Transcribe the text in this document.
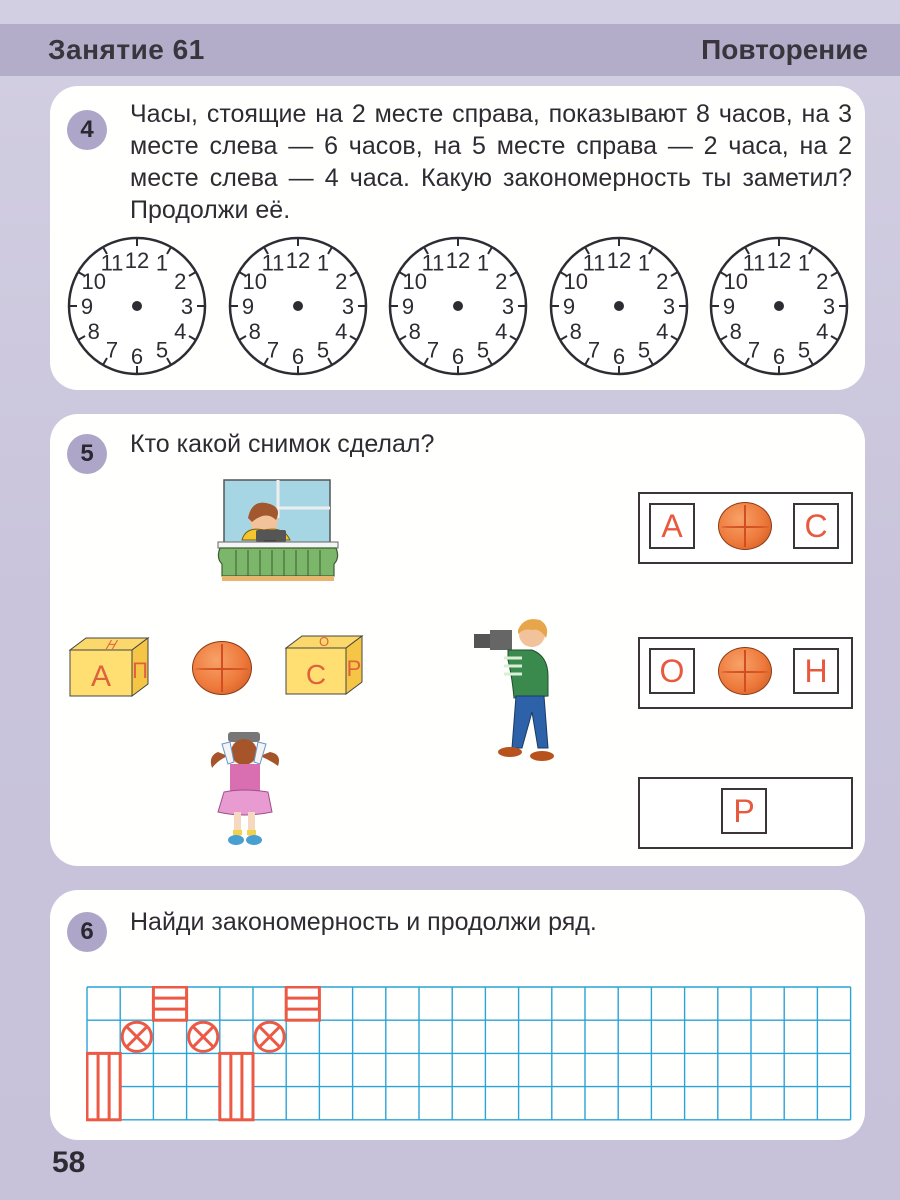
Занятие 61	Повторение
4
Часы, стоящие на 2 месте справа, показывают 8 часов, на 3 месте слева — 6 часов, на 5 месте справа — 2 часа, на 2 месте слева — 4 часа. Какую закономерность ты заметил? Продолжи её.
12 1
2
3
4
5
6
7
8
9
10
11	12 1
2
3
4
5
6
7
8
9
10
11	12 1
2
3
4
5
6
7
8
9
10
11	12 1
2
3
4
5
6
7
8
9
10
11	12 1
2
3
4
5
6
7
8
9
10
11
5	Кто какой снимок сделал?
А
Н
П	С
О
Р
А	С
О	Н
Р
6	Найди закономерность и продолжи ряд.
58
